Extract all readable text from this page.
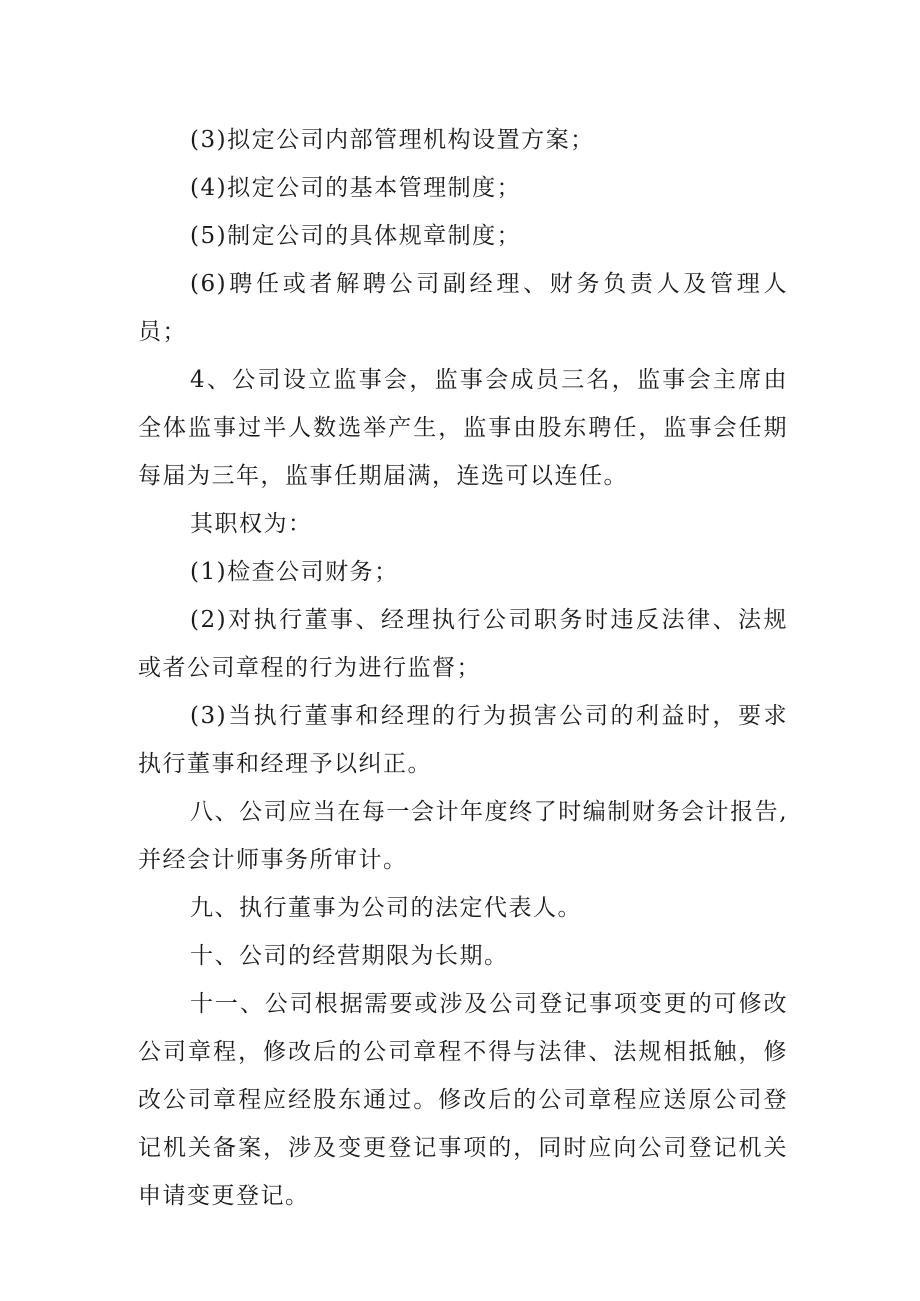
(3)拟定公司内部管理机构设置方案；

(4)拟定公司的基本管理制度；

(5)制定公司的具体规章制度；

(6)聘任或者解聘公司副经理、财务负责人及管理人员；

4、公司设立监事会，监事会成员三名，监事会主席由全体监事过半人数选举产生，监事由股东聘任，监事会任期每届为三年，监事任期届满，连选可以连任。

其职权为：

(1)检查公司财务；

(2)对执行董事、经理执行公司职务时违反法律、法规或者公司章程的行为进行监督；

(3)当执行董事和经理的行为损害公司的利益时，要求执行董事和经理予以纠正。

八、公司应当在每一会计年度终了时编制财务会计报告,并经会计师事务所审计。

九、执行董事为公司的法定代表人。

十、公司的经营期限为长期。

十一、公司根据需要或涉及公司登记事项变更的可修改公司章程，修改后的公司章程不得与法律、法规相抵触，修改公司章程应经股东通过。修改后的公司章程应送原公司登记机关备案，涉及变更登记事项的，同时应向公司登记机关申请变更登记。
